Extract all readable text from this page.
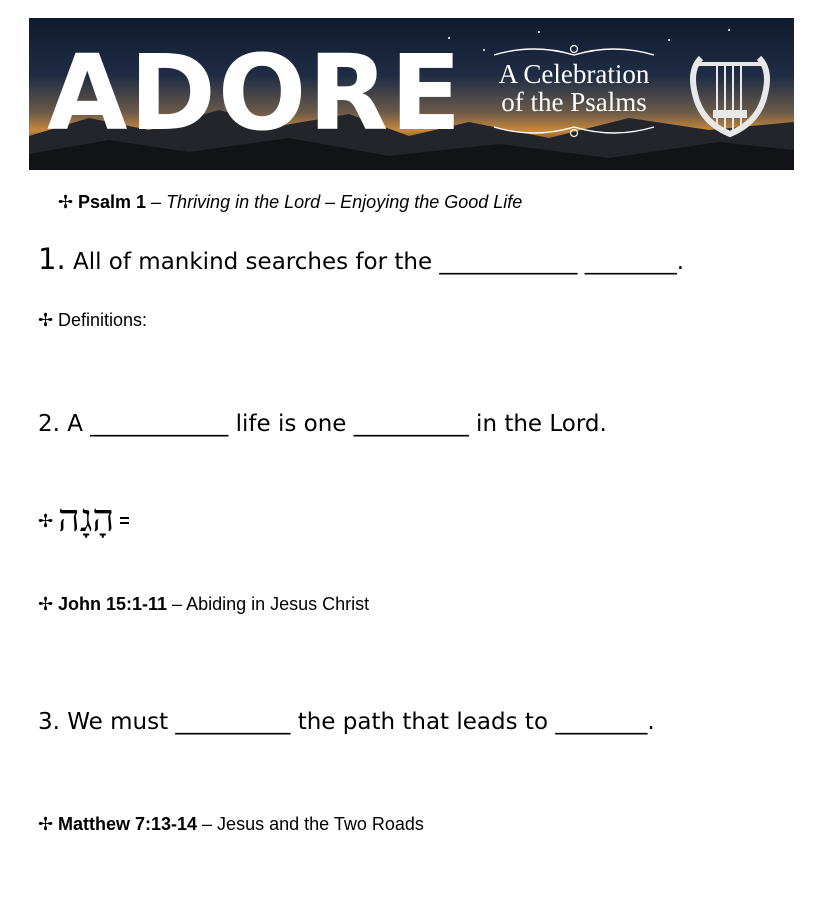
ADORE	A Celebration
of the Psalms
✢ Psalm 1 – Thriving in the Lord – Enjoying the Good Life
1. All of mankind searches for the ____________ ________.
✢ Definitions:
2. A ____________ life is one __________ in the Lord.
✢ הָגָה =
✢ John 15:1-11 – Abiding in Jesus Christ
3. We must __________ the path that leads to ________.
✢ Matthew 7:13-14 – Jesus and the Two Roads
